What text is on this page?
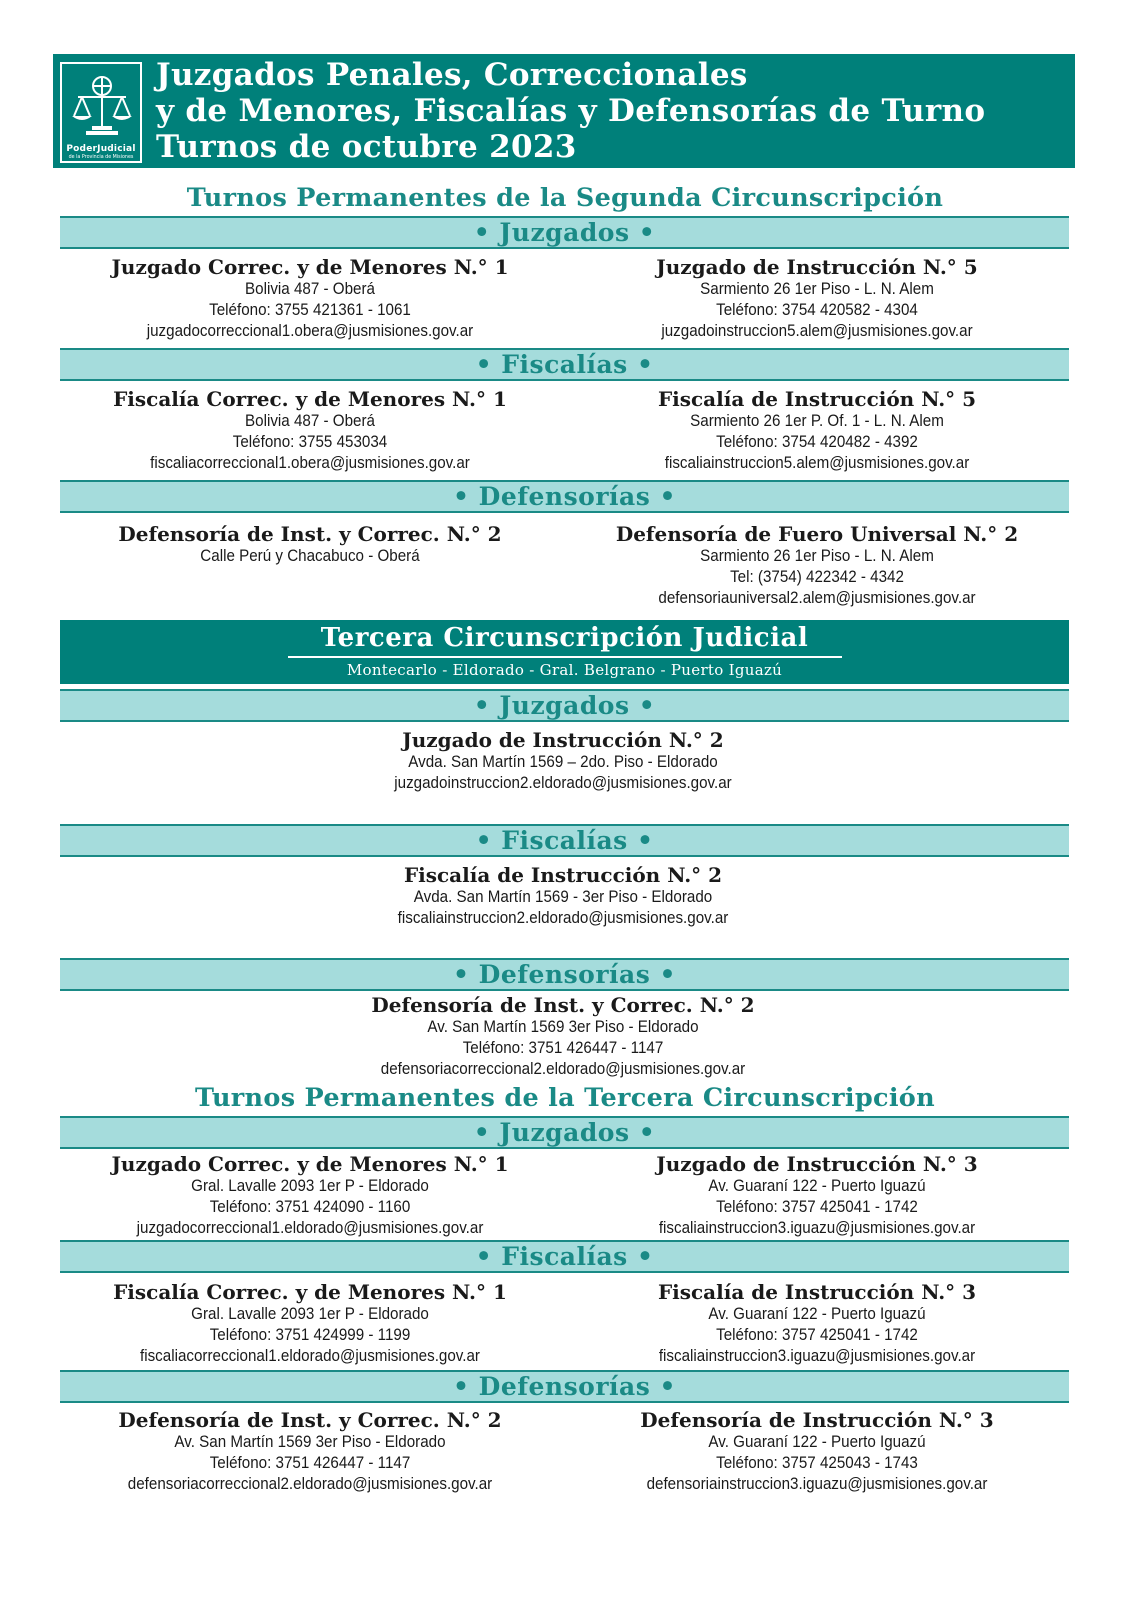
PoderJudicial
de la Provincia de Misiones
Juzgados Penales, Correccionales
y de Menores, Fiscalías y Defensorías de Turno
Turnos de octubre 2023
Turnos Permanentes de la Segunda Circunscripción
• Juzgados •
Juzgado Correc. y de Menores N.° 1
Bolivia 487 - Oberá
Teléfono: 3755 421361 - 1061
juzgadocorreccional1.obera@jusmisiones.gov.ar
Juzgado de Instrucción N.° 5
Sarmiento 26 1er Piso - L. N. Alem
Teléfono: 3754 420582 - 4304
juzgadoinstruccion5.alem@jusmisiones.gov.ar
• Fiscalías •
Fiscalía Correc. y de Menores N.° 1
Bolivia 487 - Oberá
Teléfono: 3755 453034
fiscaliacorreccional1.obera@jusmisiones.gov.ar
Fiscalía de Instrucción N.° 5
Sarmiento 26 1er P. Of. 1 - L. N. Alem
Teléfono: 3754 420482 - 4392
fiscaliainstruccion5.alem@jusmisiones.gov.ar
• Defensorías •
Defensoría de Inst. y Correc. N.° 2
Calle Perú y Chacabuco - Oberá
Defensoría de Fuero Universal N.° 2
Sarmiento 26 1er Piso - L. N. Alem
Tel: (3754) 422342 - 4342
defensoriauniversal2.alem@jusmisiones.gov.ar
Tercera Circunscripción Judicial
Montecarlo - Eldorado - Gral. Belgrano - Puerto Iguazú
• Juzgados •
Juzgado de Instrucción N.° 2
Avda. San Martín 1569 – 2do. Piso - Eldorado
juzgadoinstruccion2.eldorado@jusmisiones.gov.ar
• Fiscalías •
Fiscalía de Instrucción N.° 2
Avda. San Martín 1569 - 3er Piso - Eldorado
fiscaliainstruccion2.eldorado@jusmisiones.gov.ar
• Defensorías •
Defensoría de Inst. y Correc. N.° 2
Av. San Martín 1569 3er Piso - Eldorado
Teléfono: 3751 426447 - 1147
defensoriacorreccional2.eldorado@jusmisiones.gov.ar
Turnos Permanentes de la Tercera Circunscripción
• Juzgados •
Juzgado Correc. y de Menores N.° 1
Gral. Lavalle 2093 1er P - Eldorado
Teléfono: 3751 424090 - 1160
juzgadocorreccional1.eldorado@jusmisiones.gov.ar
Juzgado de Instrucción N.° 3
Av. Guaraní 122 - Puerto Iguazú
Teléfono: 3757 425041 - 1742
fiscaliainstruccion3.iguazu@jusmisiones.gov.ar
• Fiscalías •
Fiscalía Correc. y de Menores N.° 1
Gral. Lavalle 2093 1er P - Eldorado
Teléfono: 3751 424999 - 1199
fiscaliacorreccional1.eldorado@jusmisiones.gov.ar
Fiscalía de Instrucción N.° 3
Av. Guaraní 122 - Puerto Iguazú
Teléfono: 3757 425041 - 1742
fiscaliainstruccion3.iguazu@jusmisiones.gov.ar
• Defensorías •
Defensoría de Inst. y Correc. N.° 2
Av. San Martín 1569 3er Piso - Eldorado
Teléfono: 3751 426447 - 1147
defensoriacorreccional2.eldorado@jusmisiones.gov.ar
Defensoría de Instrucción N.° 3
Av. Guaraní 122 - Puerto Iguazú
Teléfono: 3757 425043 - 1743
defensoriainstruccion3.iguazu@jusmisiones.gov.ar
